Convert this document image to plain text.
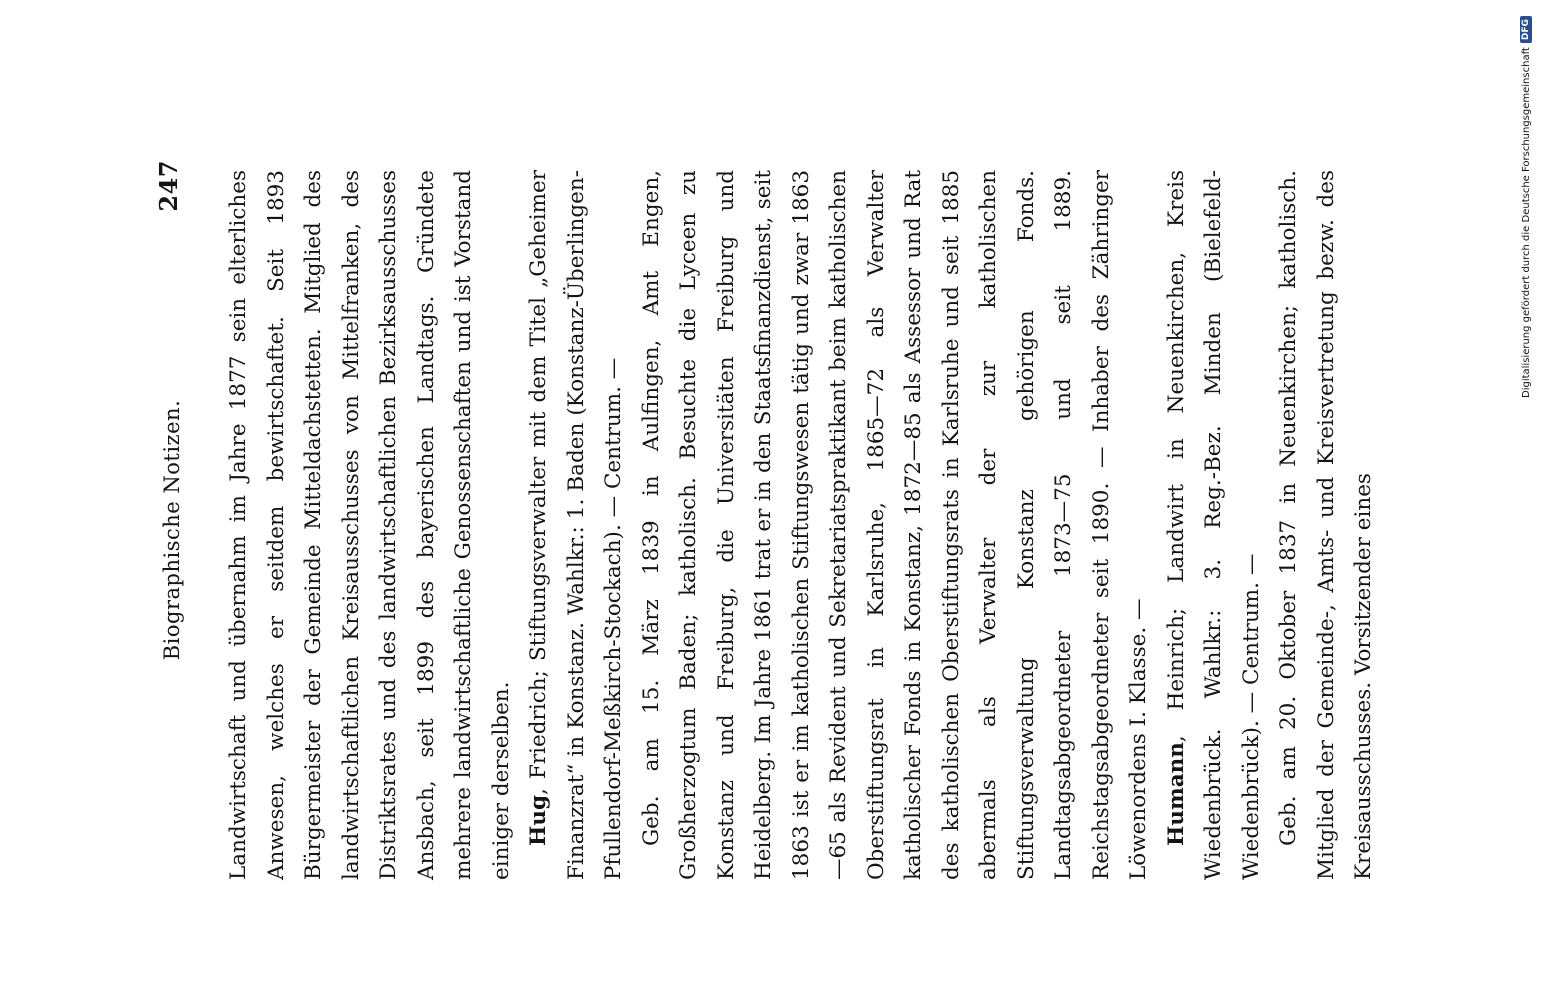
Biographische Notizen.
247 Landwirtschaft und übernahm im Jahre 1877 sein elterliches Anwesen, welches er seitdem bewirtschaftet. Seit 1893 Bürgermeister der Gemeinde Mitteldachstetten. Mitglied des landwirtschaftlichen Kreisausschusses von Mittelfranken, des Distriktsrates und des landwirtschaftlichen Bezirksausschusses Ansbach, seit 1899 des bayerischen Landtags. Gründete mehrere landwirtschaftliche Genossenschaften und ist Vorstand einiger derselben. Hug, Friedrich; Stiftungsverwalter mit dem Titel „Geheimer Finanzrat“ in Konstanz. Wahlkr.: 1. Baden (Konstanz-Überlingen-Pfullendorf-Meßkirch-Stockach). — Centrum. — Geb. am 15. März 1839 in Aulfingen, Amt Engen, Großherzogtum Baden; katholisch. Besuchte die Lyceen zu Konstanz und Freiburg, die Universitäten Freiburg und Heidelberg. Im Jahre 1861 trat er in den Staatsfinanzdienst, seit 1863 ist er im katholischen Stiftungswesen tätig und zwar 1863—65 als Revident und Sekretariatspraktikant beim katholischen Oberstiftungsrat in Karlsruhe, 1865—72 als Verwalter katholischer Fonds in Konstanz, 1872—85 als Assessor und Rat des katholischen Oberstiftungsrats in Karlsruhe und seit 1885 abermals als Verwalter der zur katholischen Stiftungsverwaltung Konstanz gehörigen Fonds. Landtagsabgeordneter 1873—75 und seit 1889. Reichstagsabgeordneter seit 1890. — Inhaber des Zähringer Löwenordens I. Klasse. — Humann, Heinrich; Landwirt in Neuenkirchen, Kreis Wiedenbrück. Wahlkr.: 3. Reg.-Bez. Minden (Bielefeld-Wiedenbrück). — Centrum. — Geb. am 20. Oktober 1837 in Neuenkirchen; katholisch. Mitglied der Gemeinde-, Amts- und Kreisvertretung bezw. des Kreisausschusses. Vorsitzender eines

Digitalisierung gefördert durch die Deutsche Forschungsgemeinschaft
DFG
